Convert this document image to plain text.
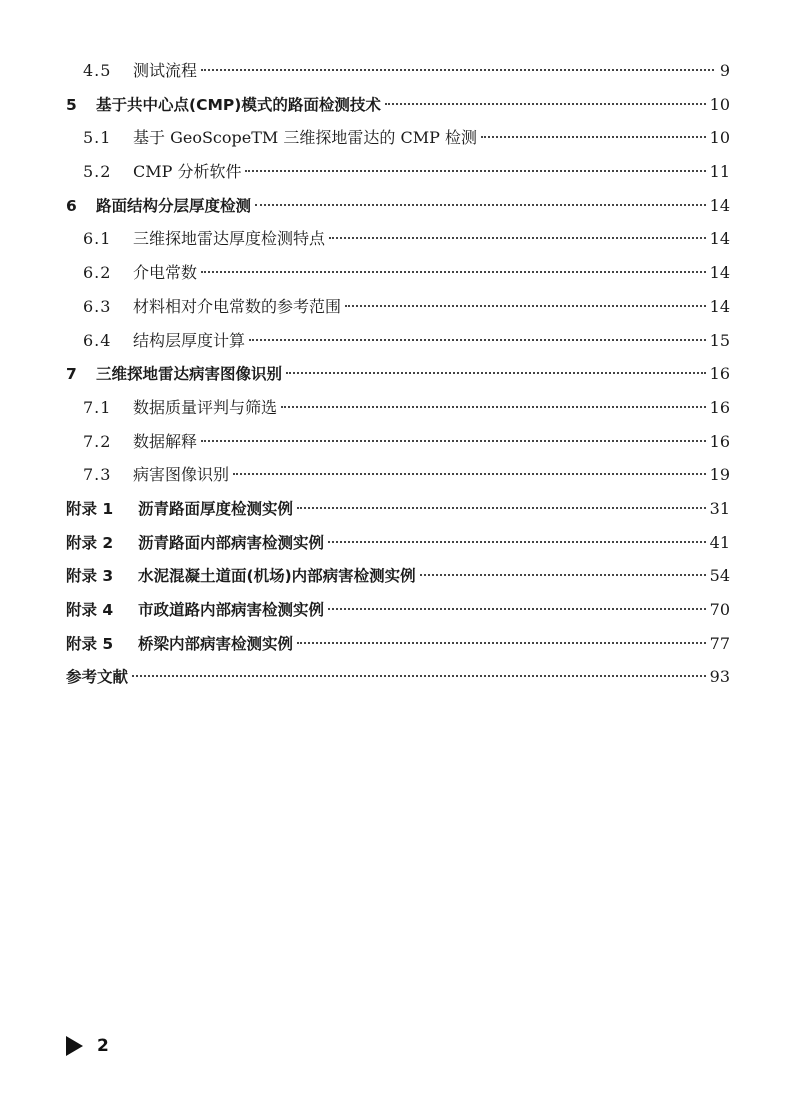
4.5	测试流程	9
5	基于共中心点(CMP)模式的路面检测技术	10
5.1	基于 GeoScopeTM 三维探地雷达的 CMP 检测	10
5.2	CMP 分析软件	11
6	路面结构分层厚度检测	14
6.1	三维探地雷达厚度检测特点	14
6.2	介电常数	14
6.3	材料相对介电常数的参考范围	14
6.4	结构层厚度计算	15
7	三维探地雷达病害图像识别	16
7.1	数据质量评判与筛选	16
7.2	数据解释	16
7.3	病害图像识别	19
附录 1	沥青路面厚度检测实例	31
附录 2	沥青路面内部病害检测实例	41
附录 3	水泥混凝土道面(机场)内部病害检测实例	54
附录 4	市政道路内部病害检测实例	70
附录 5	桥梁内部病害检测实例	77
参考文献	93
2
